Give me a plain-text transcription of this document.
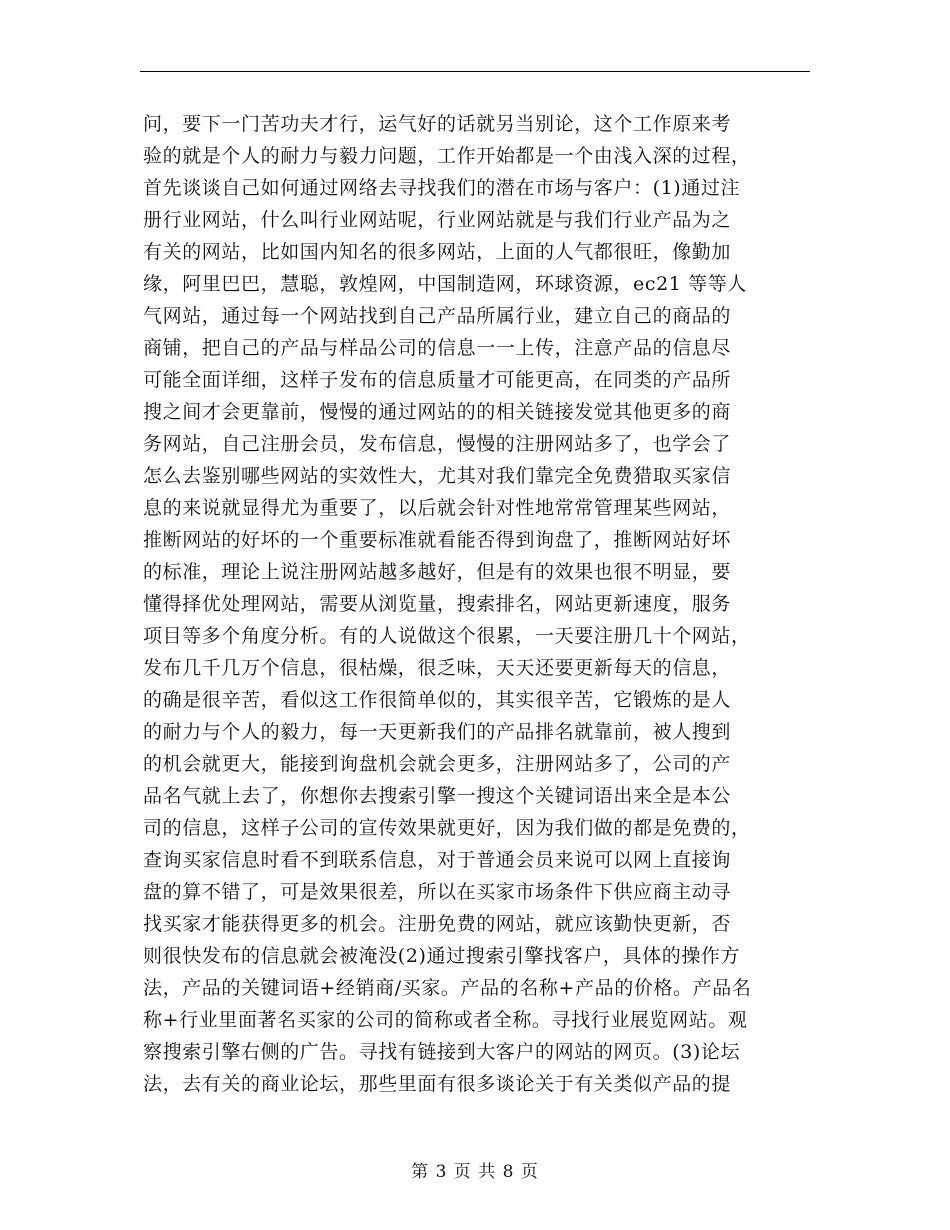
问，要下一门苦功夫才行，运气好的话就另当别论，这个工作原来考
验的就是个人的耐力与毅力问题，工作开始都是一个由浅入深的过程，
首先谈谈自己如何通过网络去寻找我们的潜在市场与客户：(1)通过注
册行业网站，什么叫行业网站呢，行业网站就是与我们行业产品为之
有关的网站，比如国内知名的很多网站，上面的人气都很旺，像勤加
缘，阿里巴巴，慧聪，敦煌网，中国制造网，环球资源，ec21 等等人
气网站，通过每一个网站找到自己产品所属行业，建立自己的商品的
商铺，把自己的产品与样品公司的信息一一上传，注意产品的信息尽
可能全面详细，这样子发布的信息质量才可能更高，在同类的产品所
搜之间才会更靠前，慢慢的通过网站的的相关链接发觉其他更多的商
务网站，自己注册会员，发布信息，慢慢的注册网站多了，也学会了
怎么去鉴别哪些网站的实效性大，尤其对我们靠完全免费猎取买家信
息的来说就显得尤为重要了，以后就会针对性地常常管理某些网站，
推断网站的好坏的一个重要标准就看能否得到询盘了，推断网站好坏
的标准，理论上说注册网站越多越好，但是有的效果也很不明显，要
懂得择优处理网站，需要从浏览量，搜索排名，网站更新速度，服务
项目等多个角度分析。有的人说做这个很累，一天要注册几十个网站，
发布几千几万个信息，很枯燥，很乏味，天天还要更新每天的信息，
的确是很辛苦，看似这工作很简单似的，其实很辛苦，它锻炼的是人
的耐力与个人的毅力，每一天更新我们的产品排名就靠前，被人搜到
的机会就更大，能接到询盘机会就会更多，注册网站多了，公司的产
品名气就上去了，你想你去搜索引擎一搜这个关键词语出来全是本公
司的信息，这样子公司的宣传效果就更好，因为我们做的都是免费的，
查询买家信息时看不到联系信息，对于普通会员来说可以网上直接询
盘的算不错了，可是效果很差，所以在买家市场条件下供应商主动寻
找买家才能获得更多的机会。注册免费的网站，就应该勤快更新，否
则很快发布的信息就会被淹没(2)通过搜索引擎找客户，具体的操作方
法，产品的关键词语+经销商/买家。产品的名称+产品的价格。产品名
称+行业里面著名买家的公司的简称或者全称。寻找行业展览网站。观
察搜索引擎右侧的广告。寻找有链接到大客户的网站的网页。(3)论坛
法，去有关的商业论坛，那些里面有很多谈论关于有关类似产品的提
第 3 页 共 8 页
